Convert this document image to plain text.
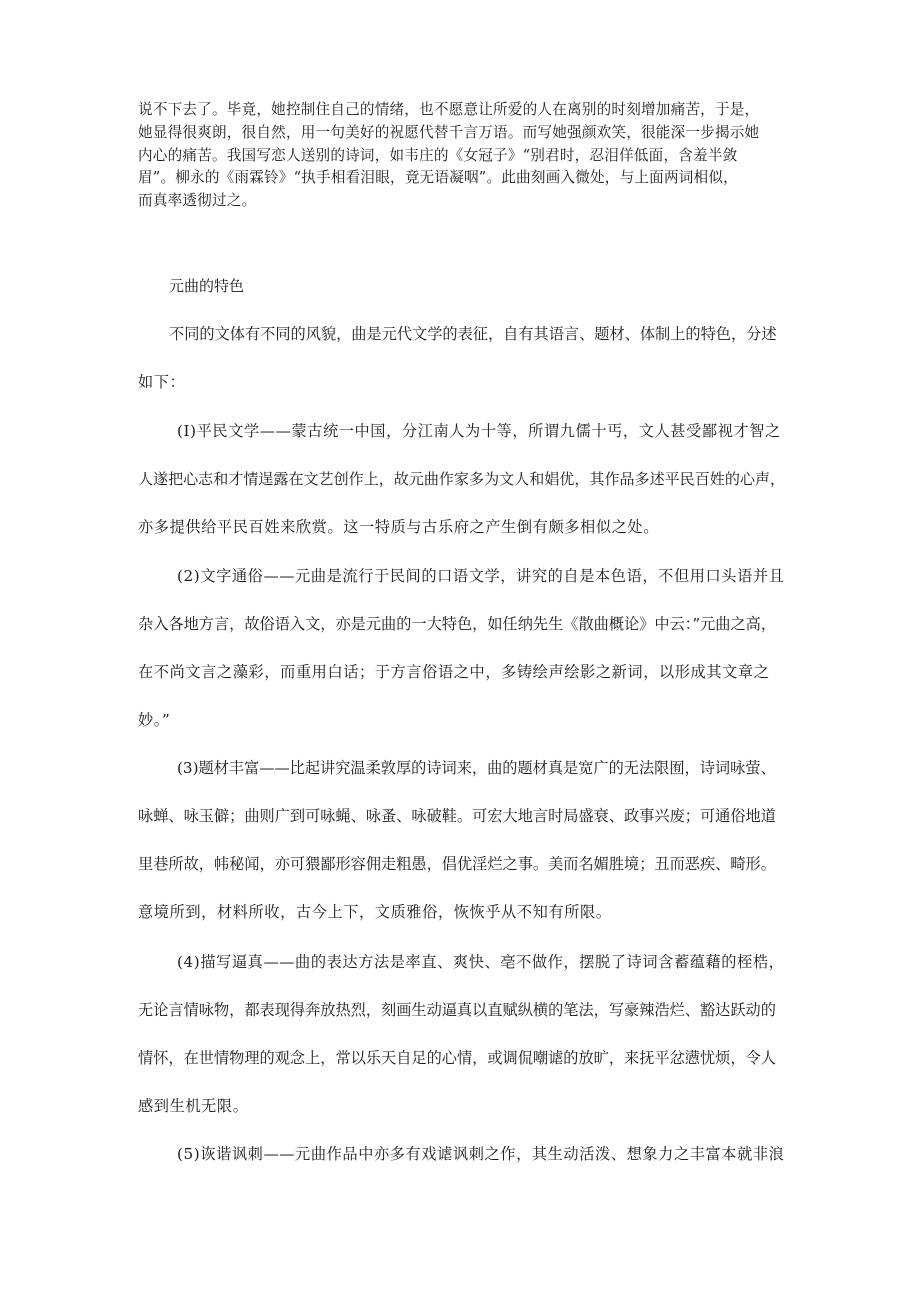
说不下去了。毕竟，她控制住自己的情绪，也不愿意让所爱的人在离别的时刻增加痛苦，于是，
她显得很爽朗，很自然，用一句美好的祝愿代替千言万语。而写她强颜欢笑，很能深一步揭示她
内心的痛苦。我国写恋人送别的诗词，如韦庄的《女冠子》“别君时，忍泪佯低面，含羞半敛
眉”。柳永的《雨霖铃》“执手相看泪眼，竟无语凝咽”。此曲刻画入微处，与上面两词相似，
而真率透彻过之。
元曲的特色
不同的文体有不同的风貌，曲是元代文学的表征，自有其语言、题材、体制上的特色，分述
如下：
(I)平民文学——蒙古统一中国，分江南人为十等，所谓九儒十丐，文人甚受鄙视才智之
人遂把心志和才情逞露在文艺创作上，故元曲作家多为文人和娼优，其作品多述平民百姓的心声，
亦多提供给平民百姓来欣赏。这一特质与古乐府之产生倒有颇多相似之处。
(2)文字通俗——元曲是流行于民间的口语文学，讲究的自是本色语，不但用口头语并且
杂入各地方言，故俗语入文，亦是元曲的一大特色，如任纳先生《散曲概论》中云：”元曲之高，
在不尚文言之藻彩，而重用白话；于方言俗语之中，多铸绘声绘影之新词，以形成其文章之
妙。”
(3)题材丰富——比起讲究温柔敦厚的诗词来，曲的题材真是宽广的无法限囿，诗词咏萤、
咏蝉、咏玉僻；曲则广到可咏蝇、咏蚤、咏破鞋。可宏大地言时局盛衰、政事兴废；可通俗地道
里巷所故，帏秘闻，亦可猥鄙形容佣走粗愚，倡优淫烂之事。美而名媚胜境；丑而恶疾、畸形。
意境所到，材料所收，古今上下，文质雅俗，恢恢乎从不知有所限。
(4)描写逼真——曲的表达方法是率直、爽快、亳不做作，摆脱了诗词含蓄蕴藉的桎梏，
无论言情咏物，都表现得奔放热烈，刻画生动逼真以直赋纵横的笔法，写豪辣浩烂、豁达跃动的
情怀，在世情物理的观念上，常以乐天自足的心情，或调侃嘲谑的放旷，来抚平忿懑忧烦，令人
感到生机无限。
(5)诙谐讽刺——元曲作品中亦多有戏谑讽刺之作，其生动活泼、想象力之丰富本就非浪
